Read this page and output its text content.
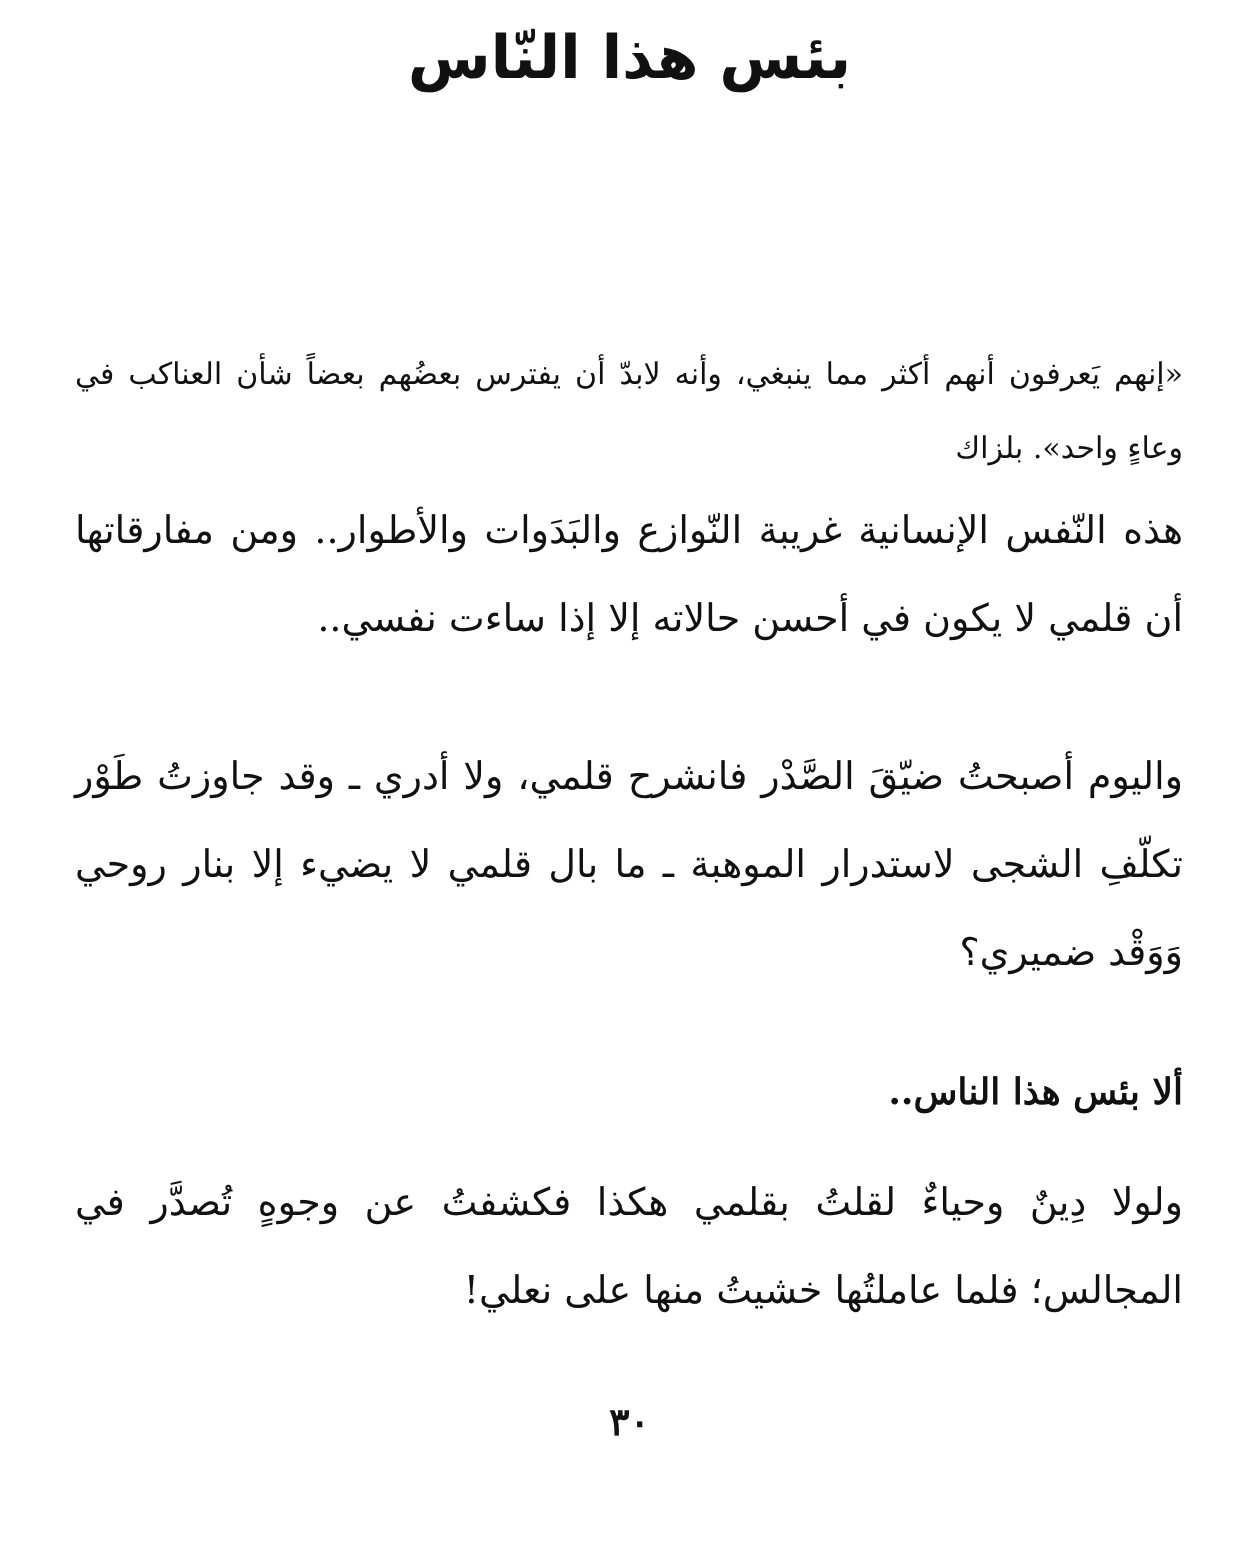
بئس هذا النّاس

«إنهم يَعرفون أنهم أكثر مما ينبغي، وأنه لابدّ أن يفترس بعضُهم بعضاً شأن العناكب في وعاءٍ واحد». بلزاك

هذه النّفس الإنسانية غريبة النّوازع والبَدَوات والأطوار.. ومن مفارقاتها أن قلمي لا يكون في أحسن حالاته إلا إذا ساءت نفسي..

واليوم أصبحتُ ضيّقَ الصَّدْر فانشرح قلمي، ولا أدري ـ وقد جاوزتُ طَوْر تكلّفِ الشجى لاستدرار الموهبة ـ ما بال قلمي لا يضيء إلا بنار روحي وَوَقْد ضميري؟

ألا بئس هذا الناس..

ولولا دِينٌ وحياءٌ لقلتُ بقلمي هكذا فكشفتُ عن وجوهٍ تُصدَّر في المجالس؛ فلما عاملتُها خشيتُ منها على نعلي!

٣٠
